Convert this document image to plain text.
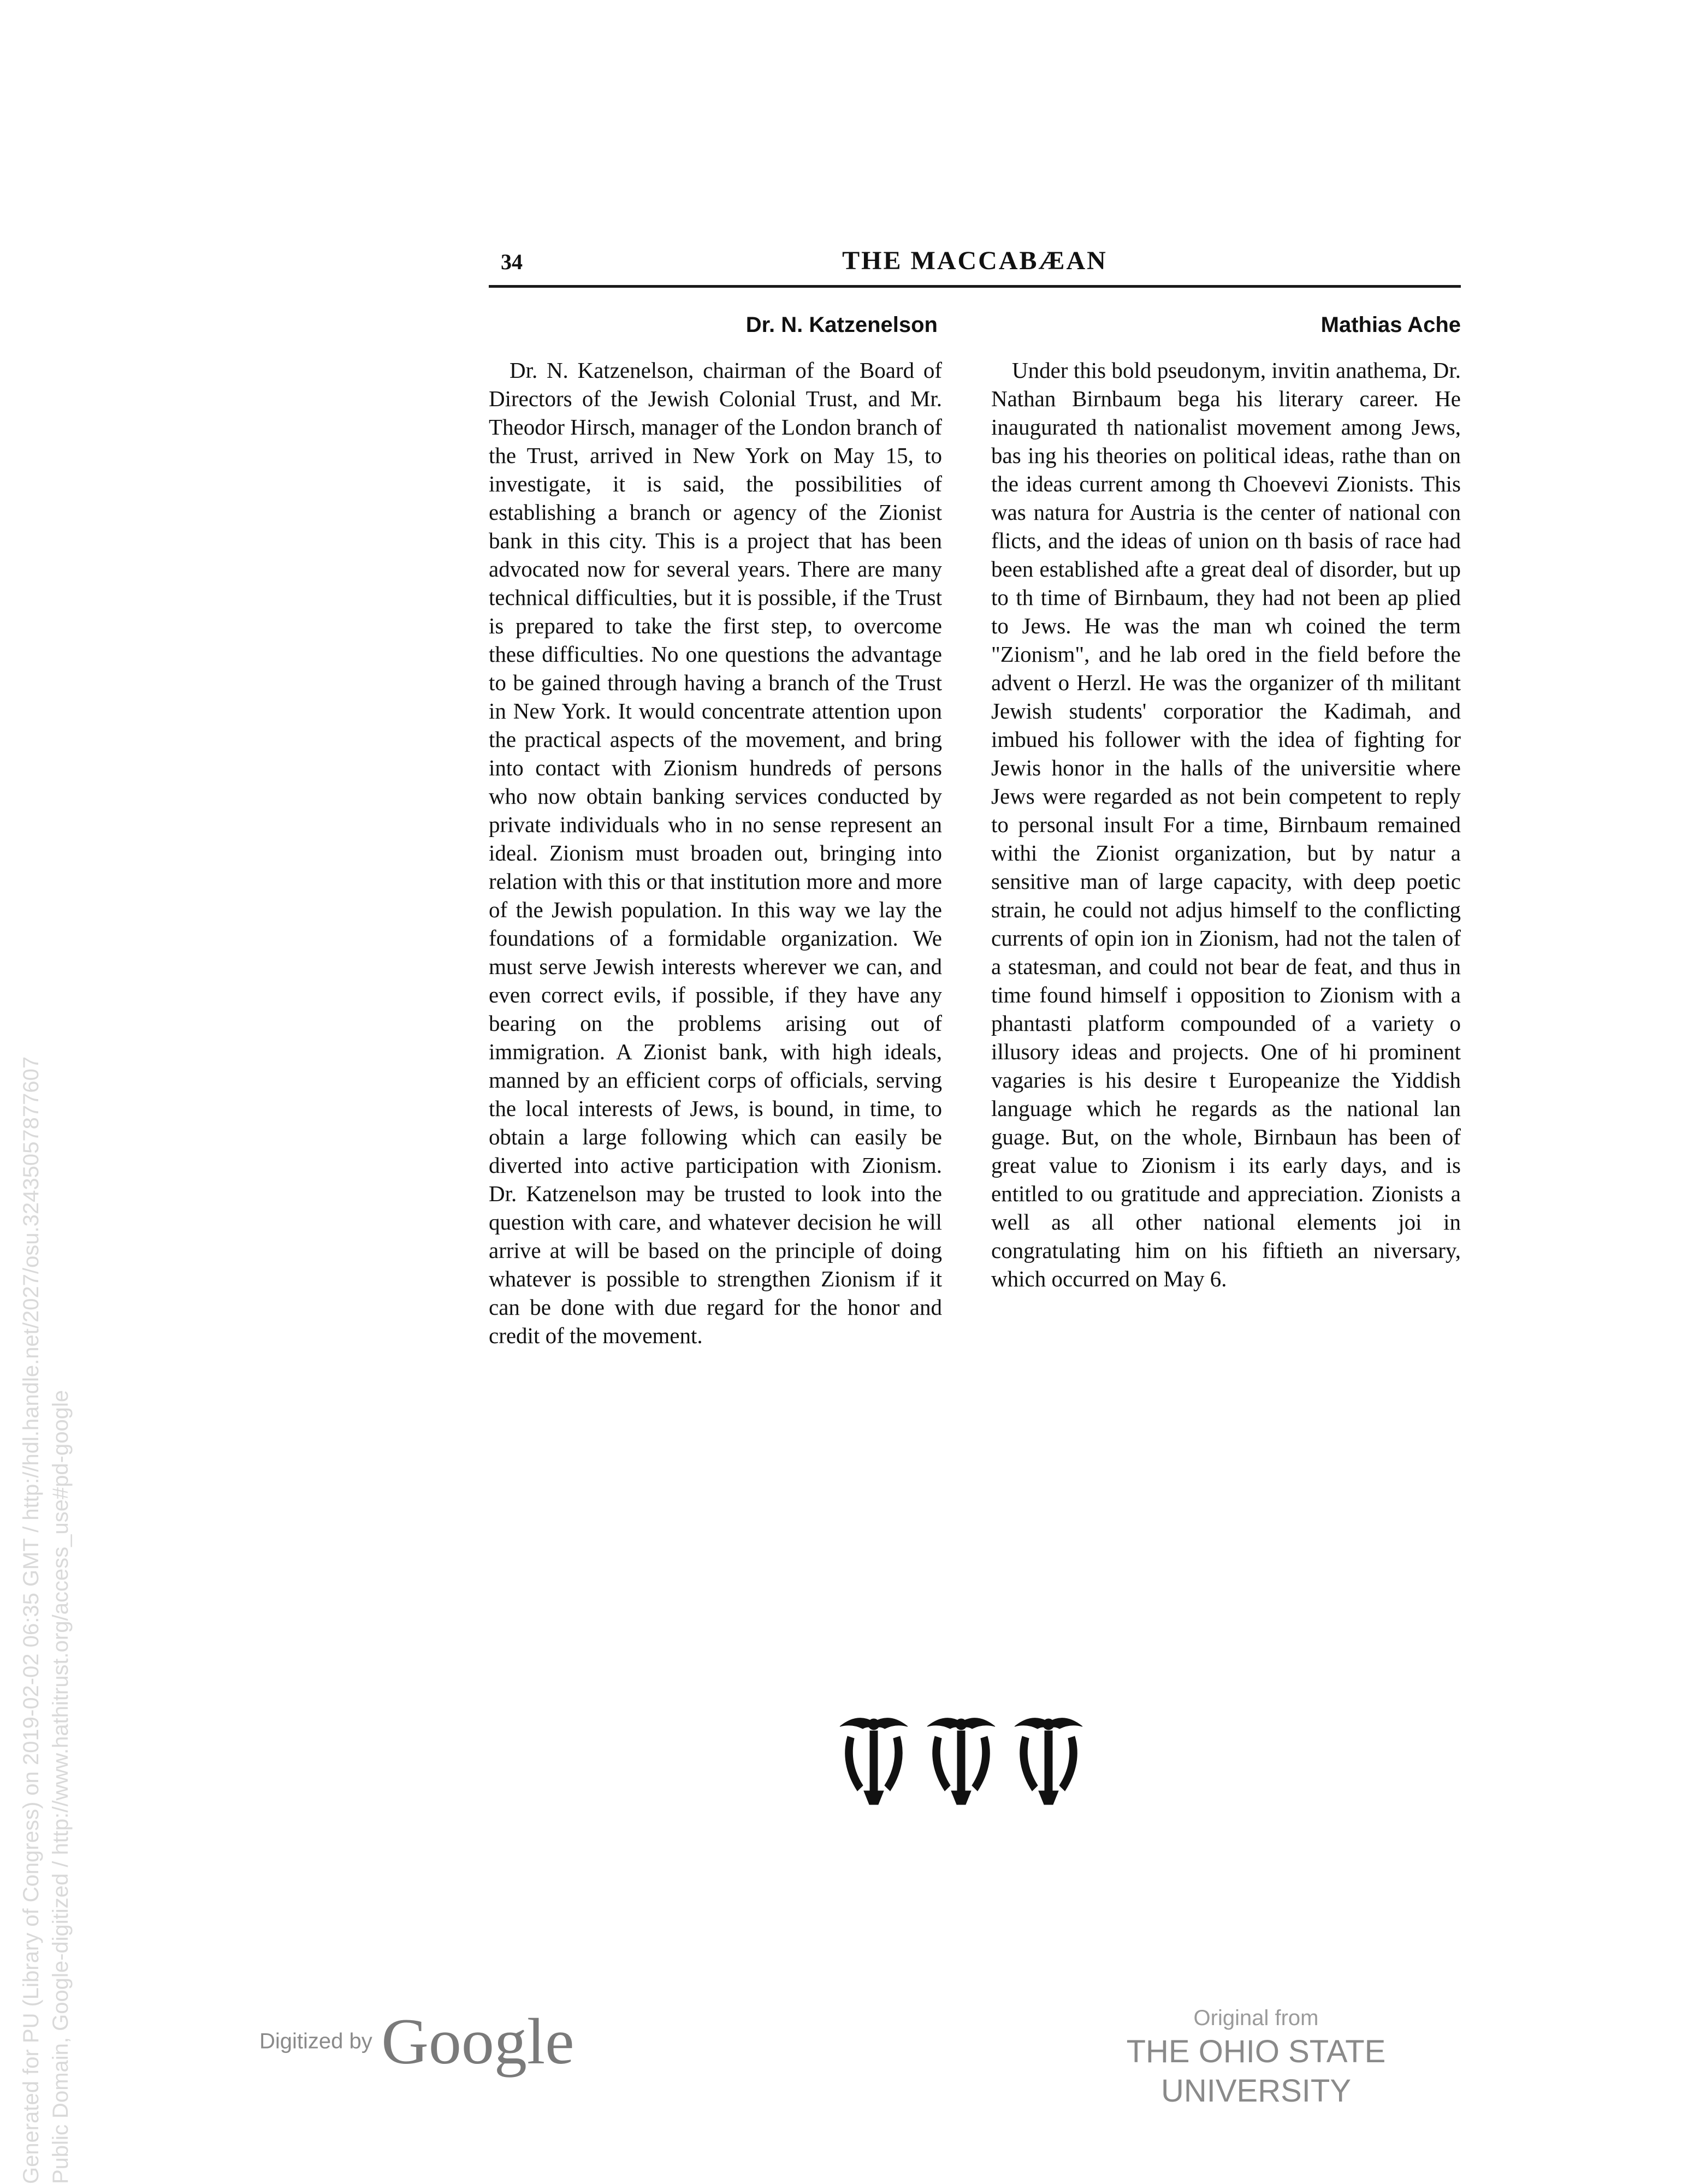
34	THE MACCABÆAN
Dr. N. Katzenelson
Dr. N. Katzenelson, chairman of the Board of Directors of the Jewish Colonial Trust, and Mr. Theodor Hirsch, manager of the London branch of the Trust, arrived in New York on May 15, to investigate, it is said, the possibilities of establishing a branch or agency of the Zionist bank in this city. This is a project that has been advocated now for several years. There are many technical difficulties, but it is possible, if the Trust is prepared to take the first step, to overcome these difficulties. No one questions the advantage to be gained through having a branch of the Trust in New York. It would concentrate attention upon the practical aspects of the movement, and bring into contact with Zionism hundreds of persons who now obtain banking services conducted by private individuals who in no sense represent an ideal. Zionism must broaden out, bringing into relation with this or that institution more and more of the Jewish population. In this way we lay the foundations of a formidable organization. We must serve Jewish interests wherever we can, and even correct evils, if possible, if they have any bearing on the problems arising out of immigration. A Zionist bank, with high ideals, manned by an efficient corps of officials, serving the local interests of Jews, is bound, in time, to obtain a large following which can easily be diverted into active participation with Zionism. Dr. Katzenelson may be trusted to look into the question with care, and whatever decision he will arrive at will be based on the principle of doing whatever is possible to strengthen Zionism if it can be done with due regard for the honor and credit of the movement.
Mathias Ache
Under this bold pseudonym, invitin anathema, Dr. Nathan Birnbaum bega his literary career. He inaugurated th nationalist movement among Jews, bas ing his theories on political ideas, rathe than on the ideas current among th Choevevi Zionists. This was natura for Austria is the center of national con flicts, and the ideas of union on th basis of race had been established afte a great deal of disorder, but up to th time of Birnbaum, they had not been ap plied to Jews. He was the man wh coined the term "Zionism", and he lab ored in the field before the advent o Herzl. He was the organizer of th militant Jewish students' corporatior the Kadimah, and imbued his follower with the idea of fighting for Jewis honor in the halls of the universitie where Jews were regarded as not bein competent to reply to personal insult For a time, Birnbaum remained withi the Zionist organization, but by natur a sensitive man of large capacity, with deep poetic strain, he could not adjus himself to the conflicting currents of opin ion in Zionism, had not the talen of a statesman, and could not bear de feat, and thus in time found himself i opposition to Zionism with a phantasti platform compounded of a variety o illusory ideas and projects. One of hi prominent vagaries is his desire t Europeanize the Yiddish language which he regards as the national lan guage. But, on the whole, Birnbaun has been of great value to Zionism i its early days, and is entitled to ou gratitude and appreciation. Zionists a well as all other national elements joi in congratulating him on his fiftieth an niversary, which occurred on May 6.
Generated for PU (Library of Congress) on 2019-02-02 06:35 GMT / http://hdl.handle.net/2027/osu.32435057877607 Public Domain, Google-digitized / http://www.hathitrust.org/access_use#pd-google	Digitized by Google	Original from
THE OHIO STATE UNIVERSITY
